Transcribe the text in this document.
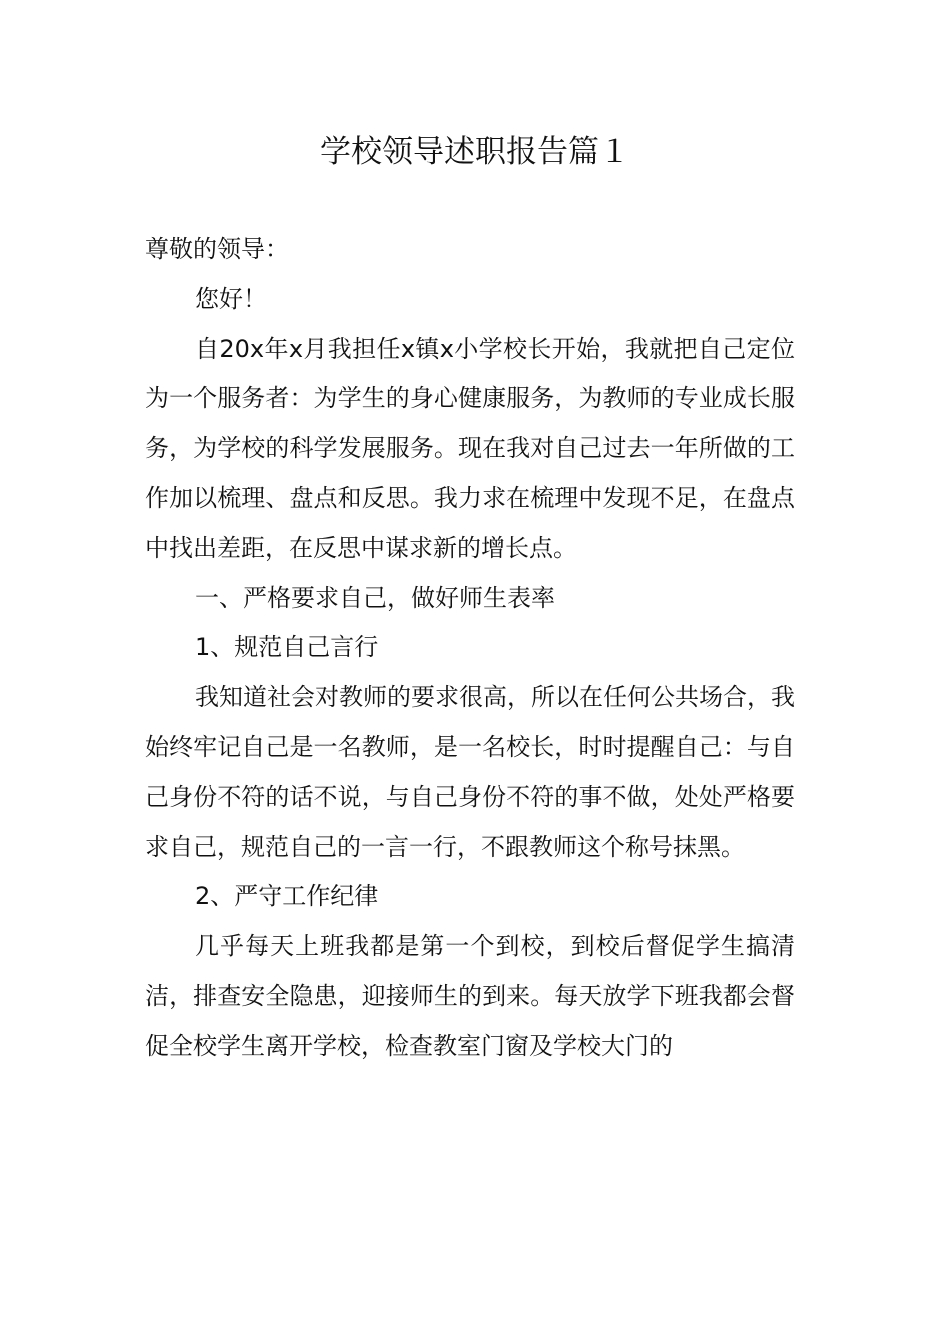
学校领导述职报告篇１

尊敬的领导：

您好！

自20x年x月我担任x镇x小学校长开始，我就把自己定位为一个服务者：为学生的身心健康服务，为教师的专业成长服务，为学校的科学发展服务。现在我对自己过去一年所做的工作加以梳理、盘点和反思。我力求在梳理中发现不足，在盘点中找出差距，在反思中谋求新的增长点。

一、严格要求自己，做好师生表率

1、规范自己言行

我知道社会对教师的要求很高，所以在任何公共场合，我始终牢记自己是一名教师，是一名校长，时时提醒自己：与自己身份不符的话不说，与自己身份不符的事不做，处处严格要求自己，规范自己的一言一行，不跟教师这个称号抹黑。

2、严守工作纪律

几乎每天上班我都是第一个到校，到校后督促学生搞清洁，排查安全隐患，迎接师生的到来。每天放学下班我都会督促全校学生离开学校，检查教室门窗及学校大门的
